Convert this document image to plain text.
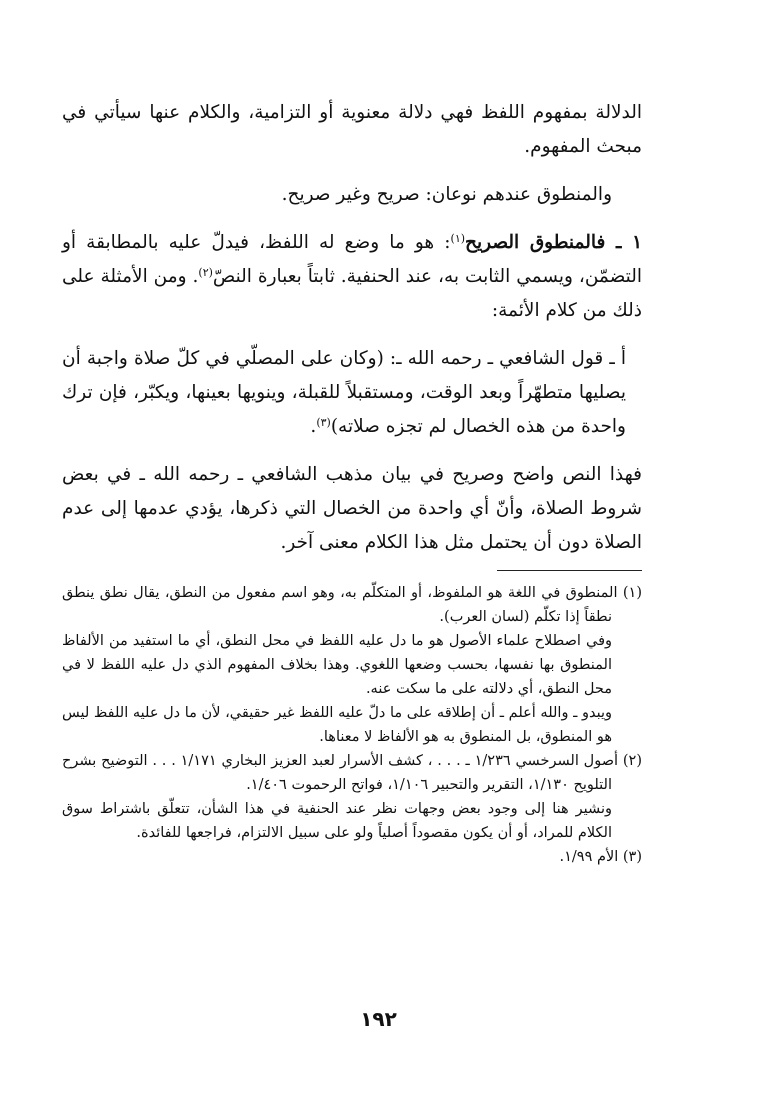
الدلالة بمفهوم اللفظ فهي دلالة معنوية أو التزامية، والكلام عنها سيأتي في مبحث المفهوم.

والمنطوق عندهم نوعان: صريح وغير صريح.

١ ـ فالمنطوق الصريح$^{(١)}$: هو ما وضع له اللفظ، فيدلّ عليه بالمطابقة أو التضمّن، ويسمي الثابت به، عند الحنفية. ثابتاً بعبارة النصّ$^{(٢)}$. ومن الأمثلة على ذلك من كلام الأئمة:

أ ـ قول الشافعي ـ رحمه الله ـ: (وكان على المصلّي في كلّ صلاة واجبة أن يصليها متطهّراً وبعد الوقت، ومستقبلاً للقبلة، وينويها بعينها، ويكبّر، فإن ترك واحدة من هذه الخصال لم تجزه صلاته)$^{(٣)}$.

فهذا النص واضح وصريح في بيان مذهب الشافعي ـ رحمه الله ـ في بعض شروط الصلاة، وأنّ أي واحدة من الخصال التي ذكرها، يؤدي عدمها إلى عدم الصلاة دون أن يحتمل مثل هذا الكلام معنى آخر.

(١) المنطوق في اللغة هو الملفوظ، أو المتكلّم به، وهو اسم مفعول من النطق، يقال نطق ينطق نطقاً إذا تكلّم (لسان العرب).

وفي اصطلاح علماء الأصول هو ما دل عليه اللفظ في محل النطق، أي ما استفيد من الألفاظ المنطوق بها نفسها، بحسب وضعها اللغوي. وهذا بخلاف المفهوم الذي دل عليه اللفظ لا في محل النطق، أي دلالته على ما سكت عنه.

ويبدو ـ والله أعلم ـ أن إطلاقه على ما دلّ عليه اللفظ غير حقيقي، لأن ما دل عليه اللفظ ليس هو المنطوق، بل المنطوق به هو الألفاظ لا معناها.

(٢) أصول السرخسي ١/٢٣٦ ـ . . . ، كشف الأسرار لعبد العزيز البخاري ١/١٧١ . . . التوضيح بشرح التلويح ١/١٣٠، التقرير والتحبير ١/١٠٦، فواتح الرحموت ١/٤٠٦.

ونشير هنا إلى وجود بعض وجهات نظر عند الحنفية في هذا الشأن، تتعلّق باشتراط سوق الكلام للمراد، أو أن يكون مقصوداً أصلياً ولو على سبيل الالتزام، فراجعها للفائدة.

(٣) الأم ١/٩٩.

١٩٢
